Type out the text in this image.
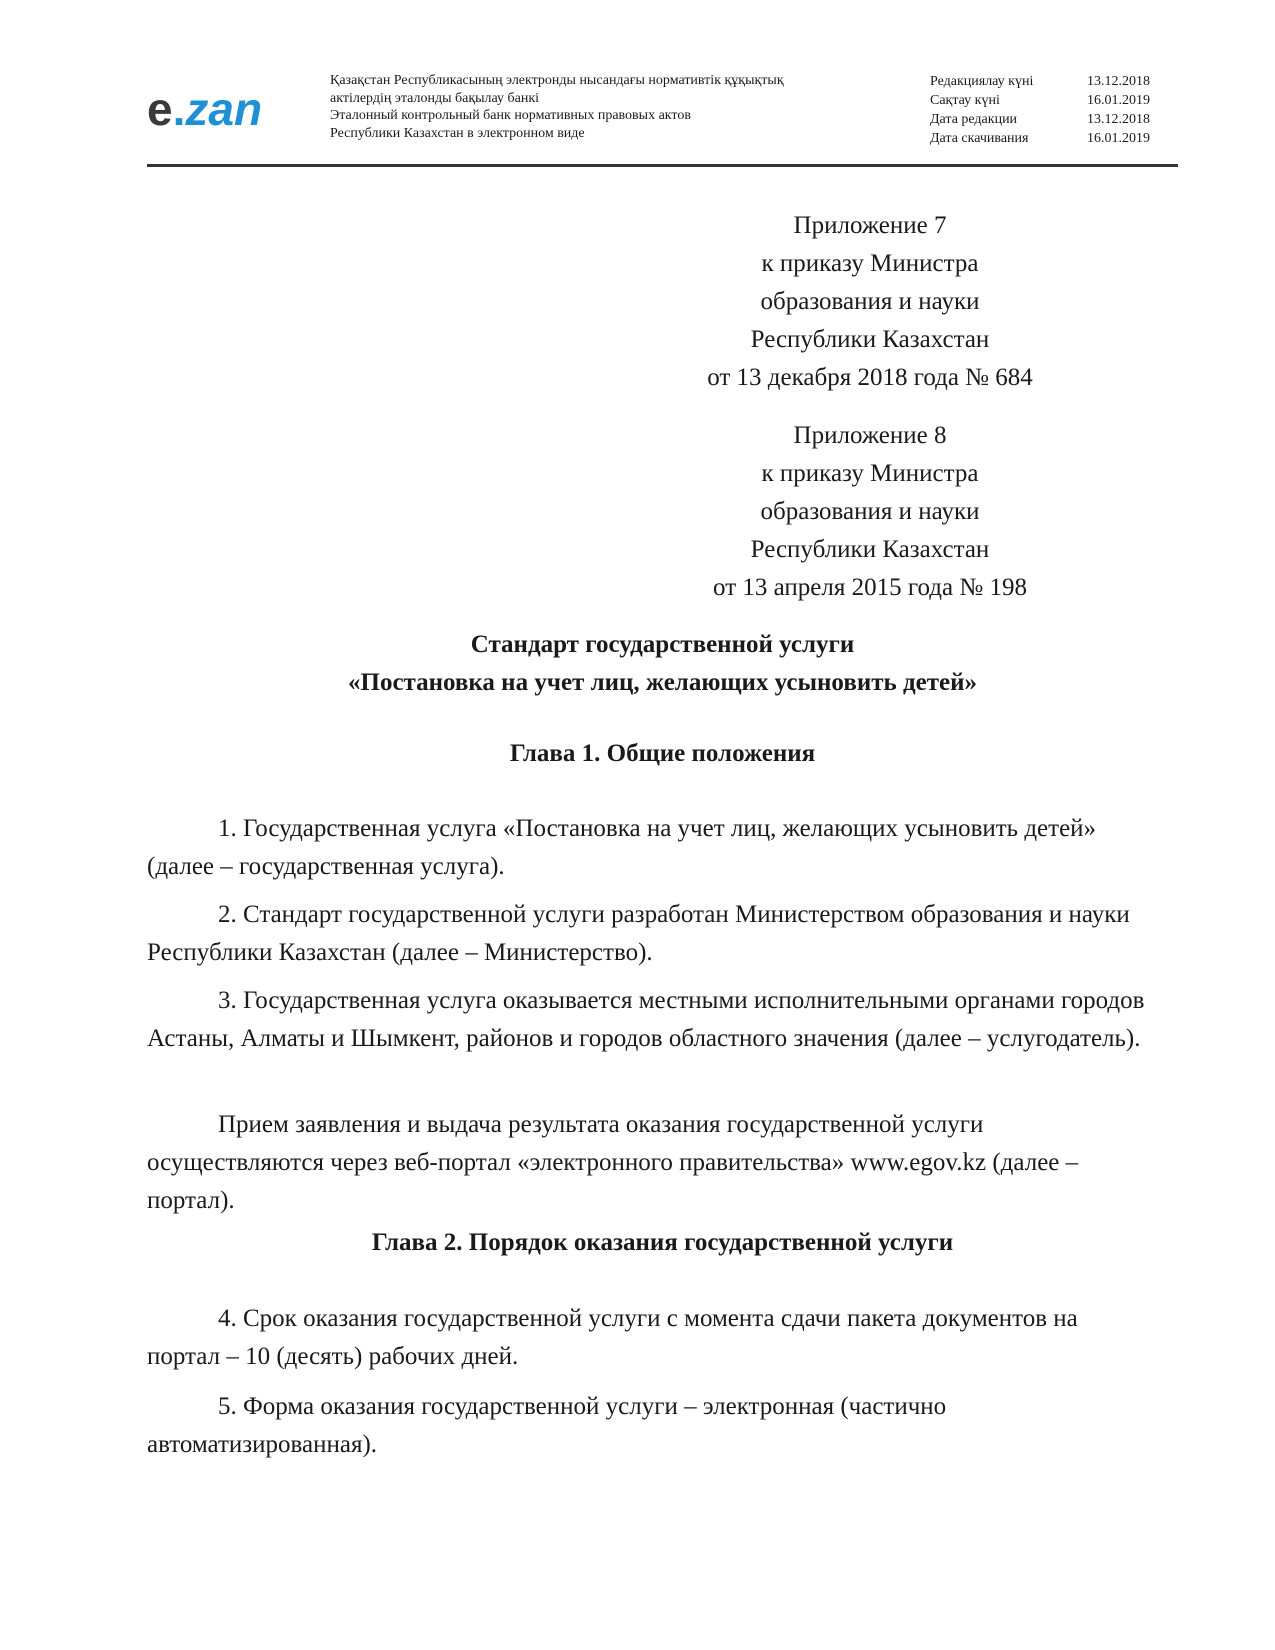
e . zan
Қазақстан Республикасының электронды нысандағы нормативтік құқықтық
актілердің эталонды бақылау банкі
Эталонный контрольный банк нормативных правовых актов
Республики Казахстан в электронном виде
Редакциялау күні	13.12.2018
Сақтау күні	16.01.2019
Дата редакции	13.12.2018
Дата скачивания	16.01.2019
Приложение 7
к приказу Министра
образования и науки
Республики Казахстан
от 13 декабря 2018 года № 684
Приложение 8
к приказу Министра
образования и науки
Республики Казахстан
от 13 апреля 2015 года № 198
Стандарт государственной услуги
«Постановка на учет лиц, желающих усыновить детей»
Глава 1. Общие положения
1. Государственная услуга «Постановка на учет лиц, желающих усыновить детей» (далее – государственная услуга).
2. Стандарт государственной услуги разработан Министерством образования и науки Республики Казахстан (далее – Министерство).
3. Государственная услуга оказывается местными исполнительными органами городов Астаны, Алматы и Шымкент, районов и городов областного значения (далее – услугодатель).
Прием заявления и выдача результата оказания государственной услуги осуществляются через веб-портал «электронного правительства» www.egov.kz (далее – портал).
Глава 2. Порядок оказания государственной услуги
4. Срок оказания государственной услуги с момента сдачи пакета документов на портал – 10 (десять) рабочих дней.
5. Форма оказания государственной услуги – электронная (частично автоматизированная).
